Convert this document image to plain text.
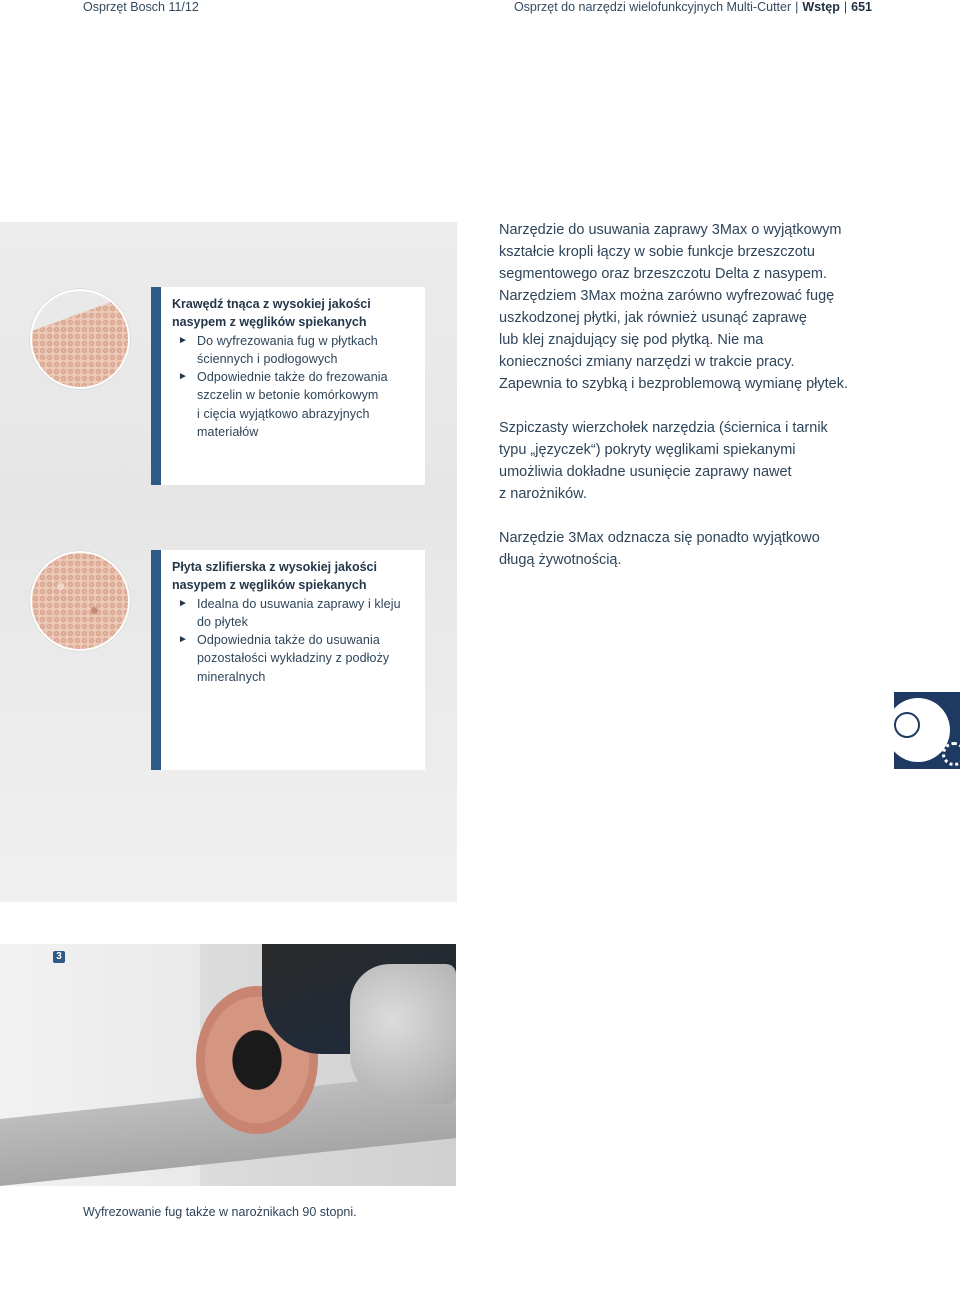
Osprzęt Bosch 11/12	Osprzęt do narzędzi wielofunkcyjnych Multi-Cutter | Wstęp | 651
Krawędź tnąca z wysokiej jakości
nasypem z węglików spiekanych
► Do wyfrezowania fug w płytkach
ściennych i podłogowych
► Odpowiednie także do frezowania
szczelin w betonie komórkowym
i cięcia wyjątkowo abrazyjnych
materiałów
Płyta szlifierska z wysokiej jakości
nasypem z węglików spiekanych
► Idealna do usuwania zaprawy i kleju
do płytek
► Odpowiednia także do usuwania
pozostałości wykładziny z podłoży
mineralnych

Narzędzie do usuwania zaprawy 3Max o wyjątkowym
kształcie kropli łączy w sobie funkcje brzeszczotu
segmentowego oraz brzeszczotu Delta z nasypem.
Narzędziem 3Max można zarówno wyfrezować fugę
uszkodzonej płytki, jak również usunąć zaprawę
lub klej znajdujący się pod płytką. Nie ma
konieczności zmiany narzędzi w trakcie pracy.
Zapewnia to szybką i bezproblemową wymianę płytek.

Szpiczasty wierzchołek narzędzia (ściernica i tarnik
typu „języczek“) pokryty węglikami spiekanymi
umożliwia dokładne usunięcie zaprawy nawet
z narożników.

Narzędzie 3Max odznacza się ponadto wyjątkowo
długą żywotnością.

3
Wyfrezowanie fug także w narożnikach 90 stopni.
